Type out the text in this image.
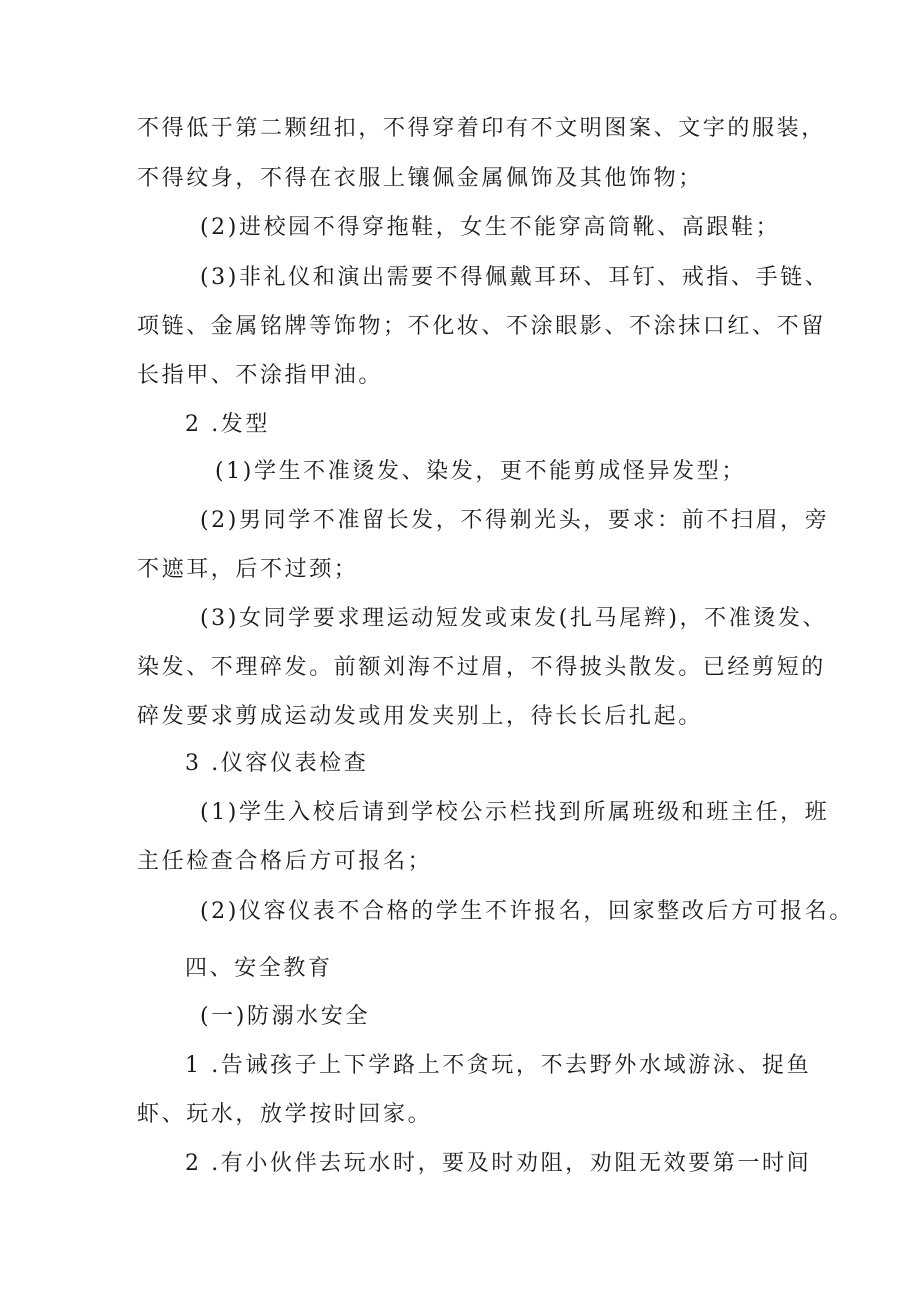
不得低于第二颗纽扣，不得穿着印有不文明图案、文字的服装，
不得纹身，不得在衣服上镶佩金属佩饰及其他饰物；
(2)进校园不得穿拖鞋，女生不能穿高筒靴、高跟鞋；
(3)非礼仪和演出需要不得佩戴耳环、耳钉、戒指、手链、
项链、金属铭牌等饰物；不化妆、不涂眼影、不涂抹口红、不留
长指甲、不涂指甲油。
2 .发型
(1)学生不准烫发、染发，更不能剪成怪异发型；
(2)男同学不准留长发，不得剃光头，要求：前不扫眉，旁
不遮耳，后不过颈；
(3)女同学要求理运动短发或束发(扎马尾辫)，不准烫发、
染发、不理碎发。前额刘海不过眉，不得披头散发。已经剪短的
碎发要求剪成运动发或用发夹别上，待长长后扎起。
3 .仪容仪表检查
(1)学生入校后请到学校公示栏找到所属班级和班主任，班
主任检查合格后方可报名；
(2)仪容仪表不合格的学生不许报名，回家整改后方可报名。
四、安全教育
(一)防溺水安全
1 .告诫孩子上下学路上不贪玩，不去野外水域游泳、捉鱼
虾、玩水，放学按时回家。
2 .有小伙伴去玩水时，要及时劝阻，劝阻无效要第一时间
